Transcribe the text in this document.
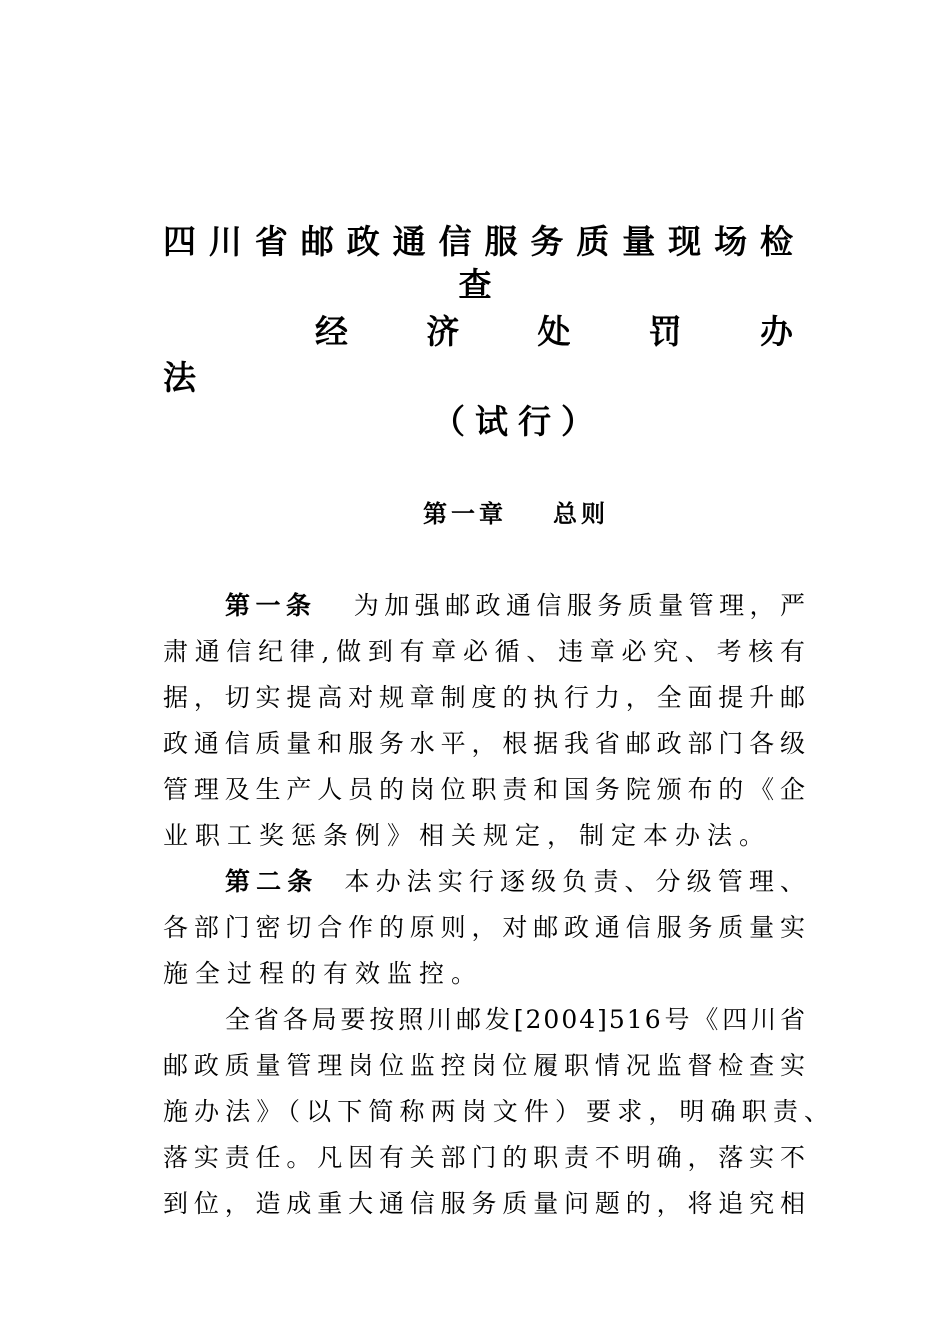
四川省邮政通信服务质量现场检
查
经济处罚办
法
（试行）
第一章 总则
第一条 为加强邮政通信服务质量管理，严
肃通信纪律,做到有章必循、违章必究、考核有
据，切实提高对规章制度的执行力，全面提升邮
政通信质量和服务水平，根据我省邮政部门各级
管理及生产人员的岗位职责和国务院颁布的《企
业职工奖惩条例》相关规定，制定本办法。
第二条 本办法实行逐级负责、分级管理、
各部门密切合作的原则，对邮政通信服务质量实
施全过程的有效监控。
全省各局要按照川邮发[2004]516号《四川省
邮政质量管理岗位监控岗位履职情况监督检查实
施办法》（以下简称两岗文件）要求，明确职责、
落实责任。凡因有关部门的职责不明确，落实不
到位，造成重大通信服务质量问题的，将追究相
